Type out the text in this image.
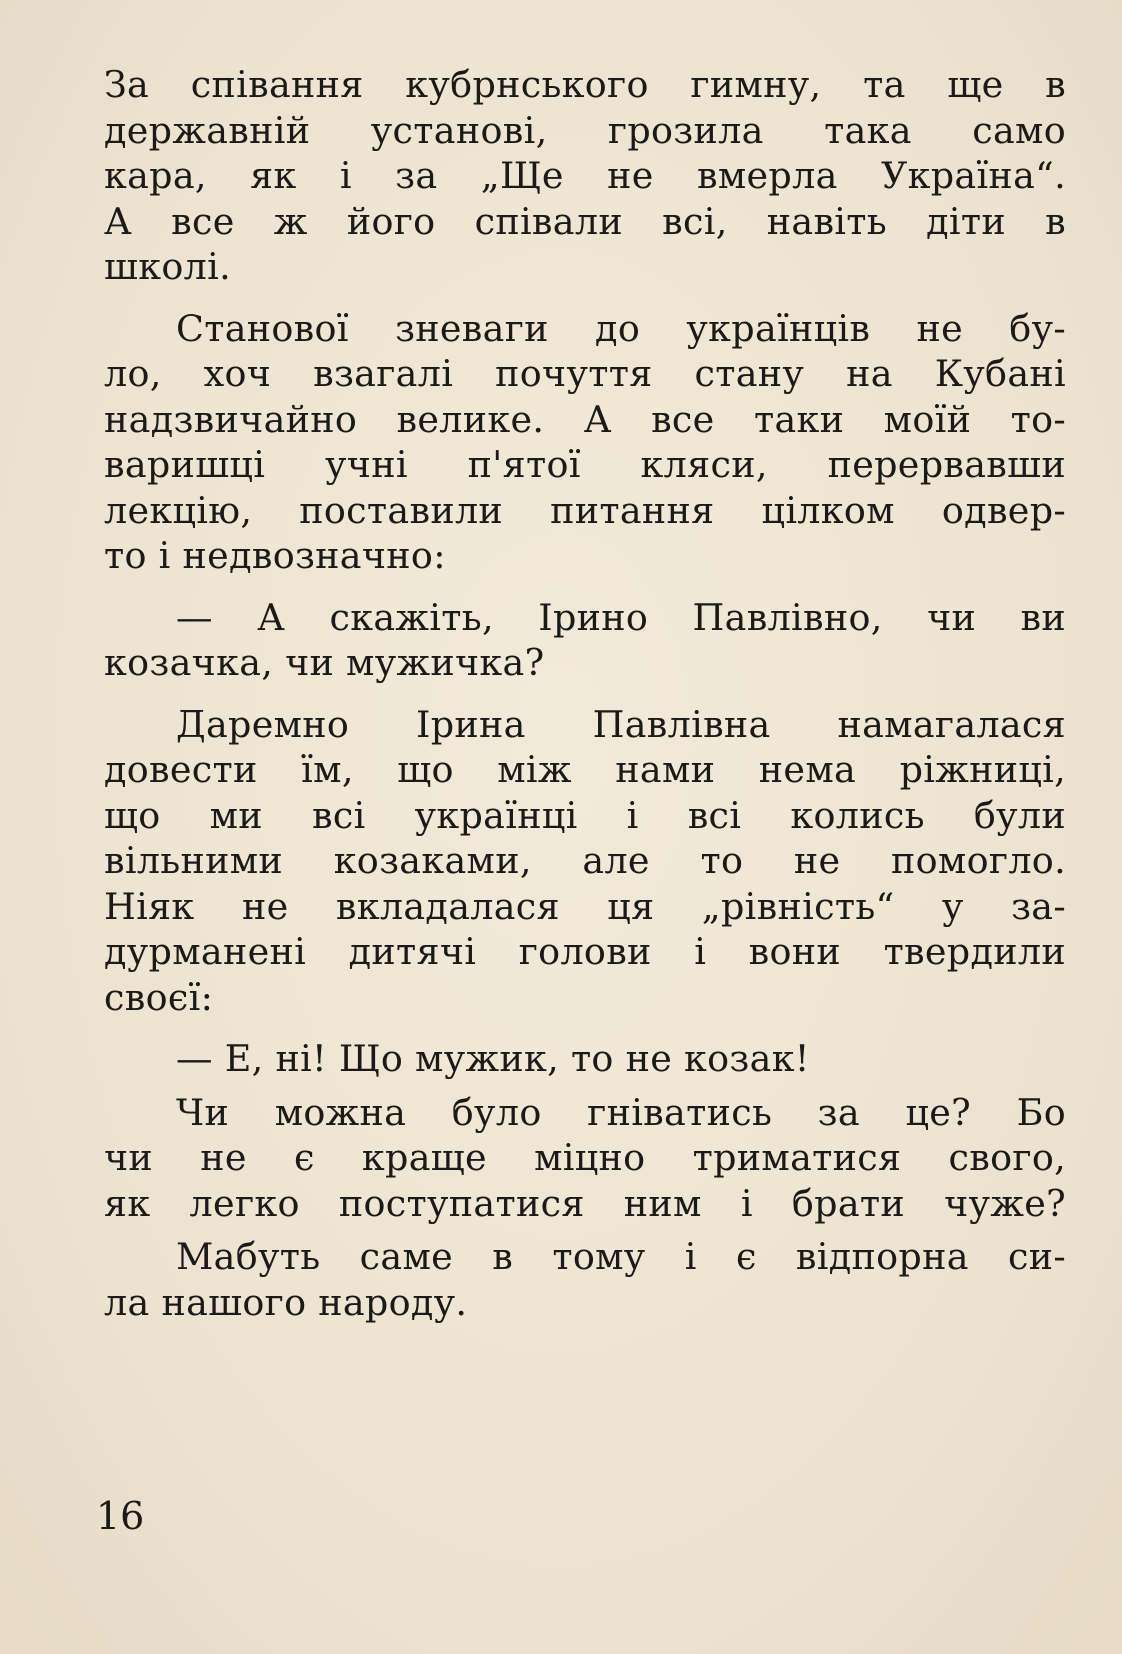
За співання кубрнського гимну, та ще в
державній установі, грозила така само
кара, як і за „Ще не вмерла Україна“.
А все ж його співали всі, навіть діти в
школі.

Станової зневаги до українців не бу-
ло, хоч взагалі почуття стану на Кубані
надзвичайно велике. А все таки моїй то-
варишці учні п'ятої кляси, перервавши
лекцію, поставили питання цілком одвер-
то і недвозначно:

— А скажіть, Ірино Павлівно, чи ви
козачка, чи мужичка?

Даремно Ірина Павлівна намагалася
довести їм, що між нами нема ріжниці,
що ми всі українці і всі колись були
вільними козаками, але то не помогло.
Ніяк не вкладалася ця „рівність“ у за-
дурманені дитячі голови і вони твердили
своєї:

— Е, ні! Що мужик, то не козак!

Чи можна було гніватись за це? Бо
чи не є краще міцно триматися свого,
як легко поступатися ним і брати чуже?

Мабуть саме в тому і є відпорна си-
ла нашого народу.

16
